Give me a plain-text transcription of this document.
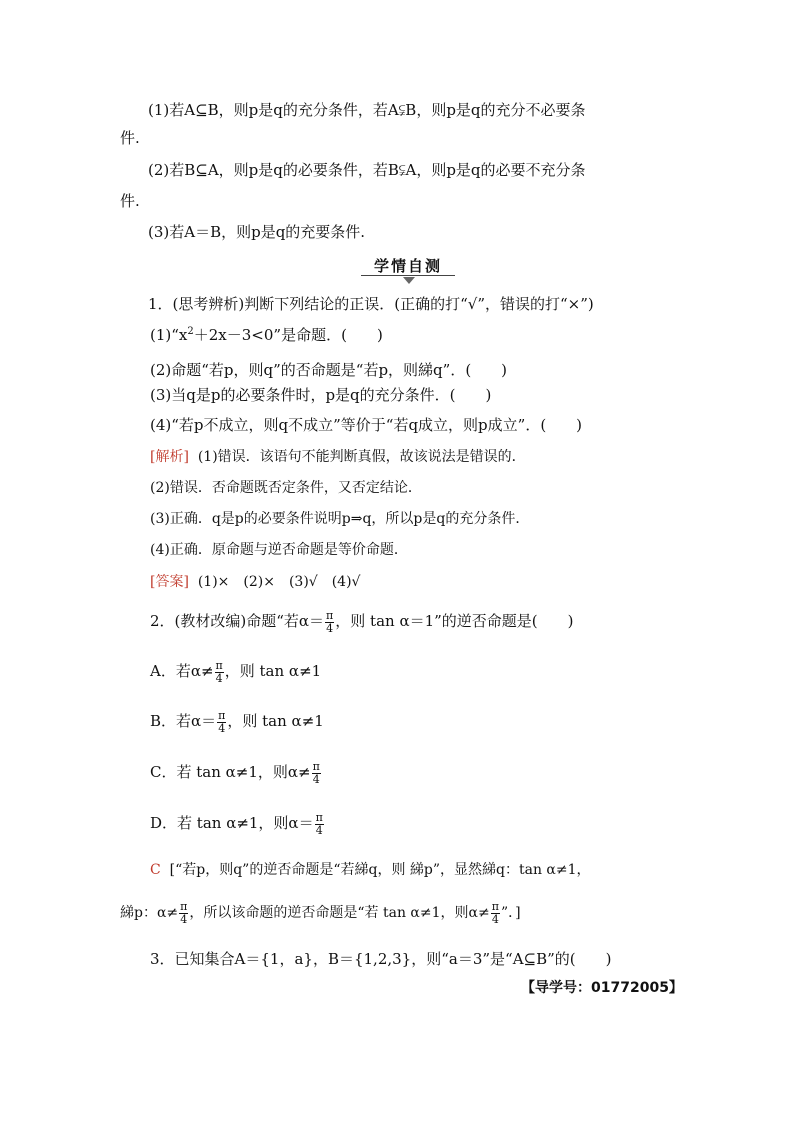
(1)若A⊆B，则p是q的充分条件，若A⫋B，则p是q的充分不必要条
件.
(2)若B⊆A，则p是q的必要条件，若B⫋A，则p是q的必要不充分条
件.
(3)若A＝B，则p是q的充要条件.
学情自测
1．(思考辨析)判断下列结论的正误．(正确的打“√”，错误的打“×”)
$(1)“x^2+2x-3<0$”是命题．(　　)
(2)命题“若p，则q”的否命题是“若p，则綈q”．(　　)
(3)当q是p的必要条件时，p是q的充分条件．(　　)
(4)“若p不成立，则q不成立”等价于“若q成立，则p成立”．(　　)
[解析] (1)错误．该语句不能判断真假，故该说法是错误的．
(2)错误．否命题既否定条件，又否定结论．
(3)正确．q是p的必要条件说明p⇒q，所以p是q的充分条件．
(4)正确．原命题与逆否命题是等价命题．
[答案] (1)×　(2)×　(3)√　(4)√
2．(教材改编)命题“若$\alpha= \frac{\pi}{4}$ ，则 tan α＝1”的逆否命题是(　　)
A．若$\alpha\ne \frac{\pi}{4}$ ，则 tan α≠1
B．若$\alpha= \frac{\pi}{4}$ ，则 tan α≠1
C．若 tan α≠1，则$\alpha\ne \frac{\pi}{4}$
D．若 tan α≠1，则$\alpha= \frac{\pi}{4}$
C [“若p，则q”的逆否命题是“若綈q，则 綈p”，显然綈q：tan α≠1，
綈p：$\alpha\ne \frac{\pi}{4}$ ，所以该命题的逆否命题是“若 tan α≠1，则$\alpha\ne \frac{\pi}{4}$ ”．]
3．已知集合A＝{1，a}，B＝{1,2,3}，则“a＝3”是“A⊆B”的(　　)
【导学号：01772005】
